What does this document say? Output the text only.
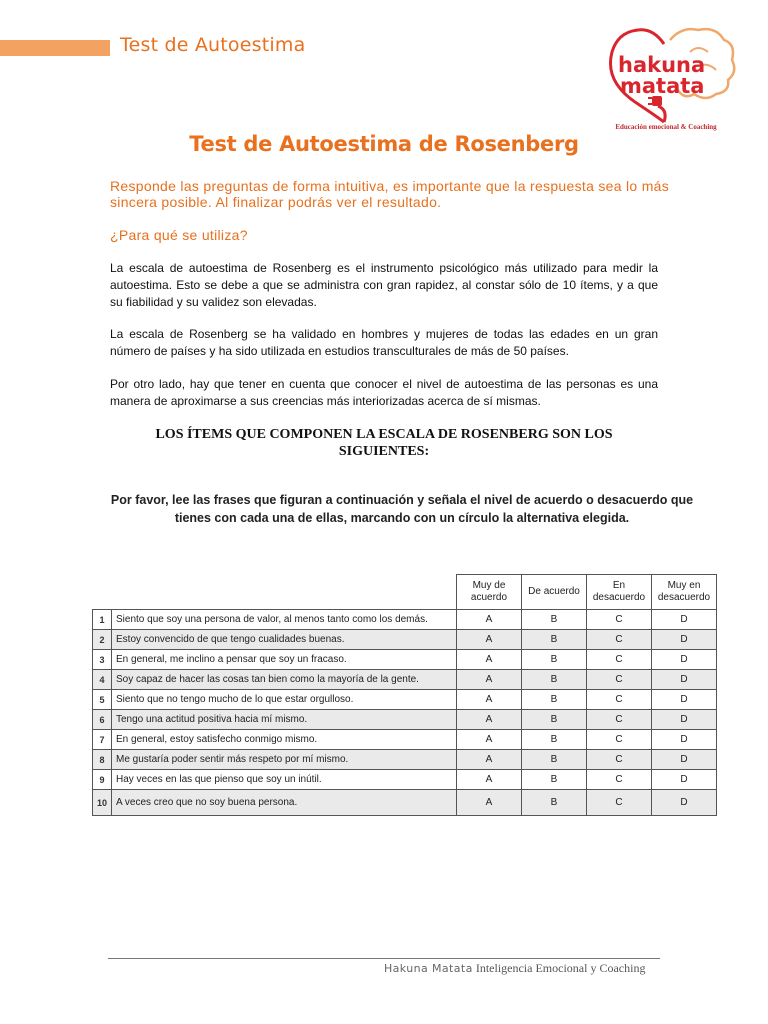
Test de Autoestima
hakuna
matata
Educación emocional & Coaching
Test de Autoestima de Rosenberg
Responde las preguntas de forma intuitiva, es importante que la respuesta sea lo más sincera posible. Al finalizar podrás ver el resultado.
¿Para qué se utiliza?
La escala de autoestima de Rosenberg es el instrumento psicológico más utilizado para medir la autoestima. Esto se debe a que se administra con gran rapidez, al constar sólo de 10 ítems, y a que su fiabilidad y su validez son elevadas.
La escala de Rosenberg se ha validado en hombres y mujeres de todas las edades en un gran número de países y ha sido utilizada en estudios transculturales de más de 50 países.
Por otro lado, hay que tener en cuenta que conocer el nivel de autoestima de las personas es una manera de aproximarse a sus creencias más interiorizadas acerca de sí mismas.
LOS ÍTEMS QUE COMPONEN LA ESCALA DE ROSENBERG SON LOS SIGUIENTES:
Por favor, lee las frases que figuran a continuación y señala el nivel de acuerdo o desacuerdo que tienes con cada una de ellas, marcando con un círculo la alternativa elegida.
		Muy de acuerdo	De acuerdo	En desacuerdo	Muy en desacuerdo
1	Siento que soy una persona de valor, al menos tanto como los demás.	A	B	C	D
2	Estoy convencido de que tengo cualidades buenas.	A	B	C	D
3	En general, me inclino a pensar que soy un fracaso.	A	B	C	D
4	Soy capaz de hacer las cosas tan bien como la mayoría de la gente.	A	B	C	D
5	Siento que no tengo mucho de lo que estar orgulloso.	A	B	C	D
6	Tengo una actitud positiva hacia mí mismo.	A	B	C	D
7	En general, estoy satisfecho conmigo mismo.	A	B	C	D
8	Me gustaría poder sentir más respeto por mí mismo.	A	B	C	D
9	Hay veces en las que pienso que soy un inútil.	A	B	C	D
10	A veces creo que no soy buena persona.	A	B	C	D
Hakuna Matata Inteligencia Emocional y Coaching
